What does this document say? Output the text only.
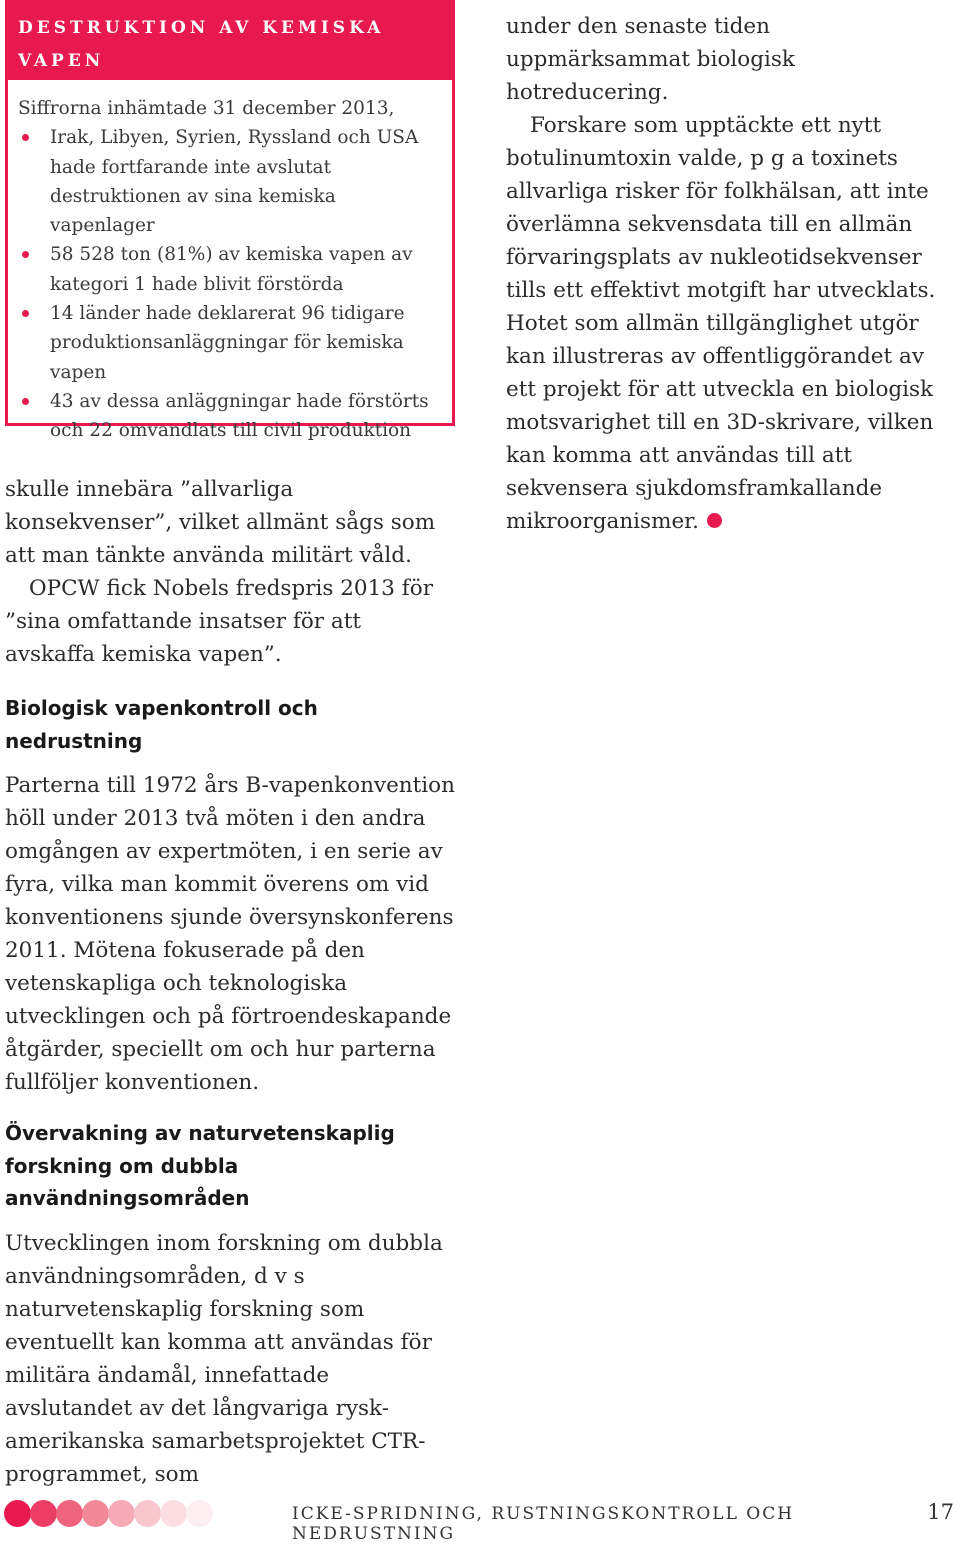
DESTRUKTION AV KEMISKA VAPEN
Siffrorna inhämtade 31 december 2013,
Irak, Libyen, Syrien, Ryssland och USA hade fortfarande inte avslutat destruktionen av sina kemiska vapenlager
58 528 ton (81%) av kemiska vapen av kategori 1 hade blivit förstörda
14 länder hade deklarerat 96 tidigare produktionsanläggningar för kemiska vapen
43 av dessa anläggningar hade förstörts och 22 omvandlats till civil produktion

skulle innebära ”allvarliga konsekvenser”, vilket allmänt sågs som att man tänkte använda militärt våld.

OPCW fick Nobels fredspris 2013 för ”sina omfattande insatser för att avskaffa kemiska vapen”.

Biologisk vapenkontroll och nedrustning

Parterna till 1972 års B-vapenkonvention höll under 2013 två möten i den andra omgången av expertmöten, i en serie av fyra, vilka man kommit överens om vid konventionens sjunde översynskonferens 2011. Mötena fokuserade på den vetenskapliga och teknologiska utvecklingen och på förtroendeskapande åtgärder, speciellt om och hur parterna fullföljer konventionen.

Övervakning av naturvetenskaplig forskning om dubbla användningsområden

Utvecklingen inom forskning om dubbla användningsområden, d v s naturvetenskaplig forskning som eventuellt kan komma att användas för militära ändamål, innefattade avslutandet av det långvariga rysk-amerikanska samarbetsprojektet CTR-programmet, som

under den senaste tiden uppmärksammat biologisk hotreducering.

Forskare som upptäckte ett nytt botulinumtoxin valde, p g a toxinets allvarliga risker för folkhälsan, att inte överlämna sekvensdata till en allmän förvaringsplats av nukleotidsekvenser tills ett effektivt motgift har utvecklats. Hotet som allmän tillgänglighet utgör kan illustreras av offentliggörandet av ett projekt för att utveckla en biologisk motsvarighet till en 3D-skrivare, vilken kan komma att användas till att sekvensera sjukdomsframkallande mikroorganismer.

ICKE-SPRIDNING, RUSTNINGSKONTROLL OCH NEDRUSTNING
17
